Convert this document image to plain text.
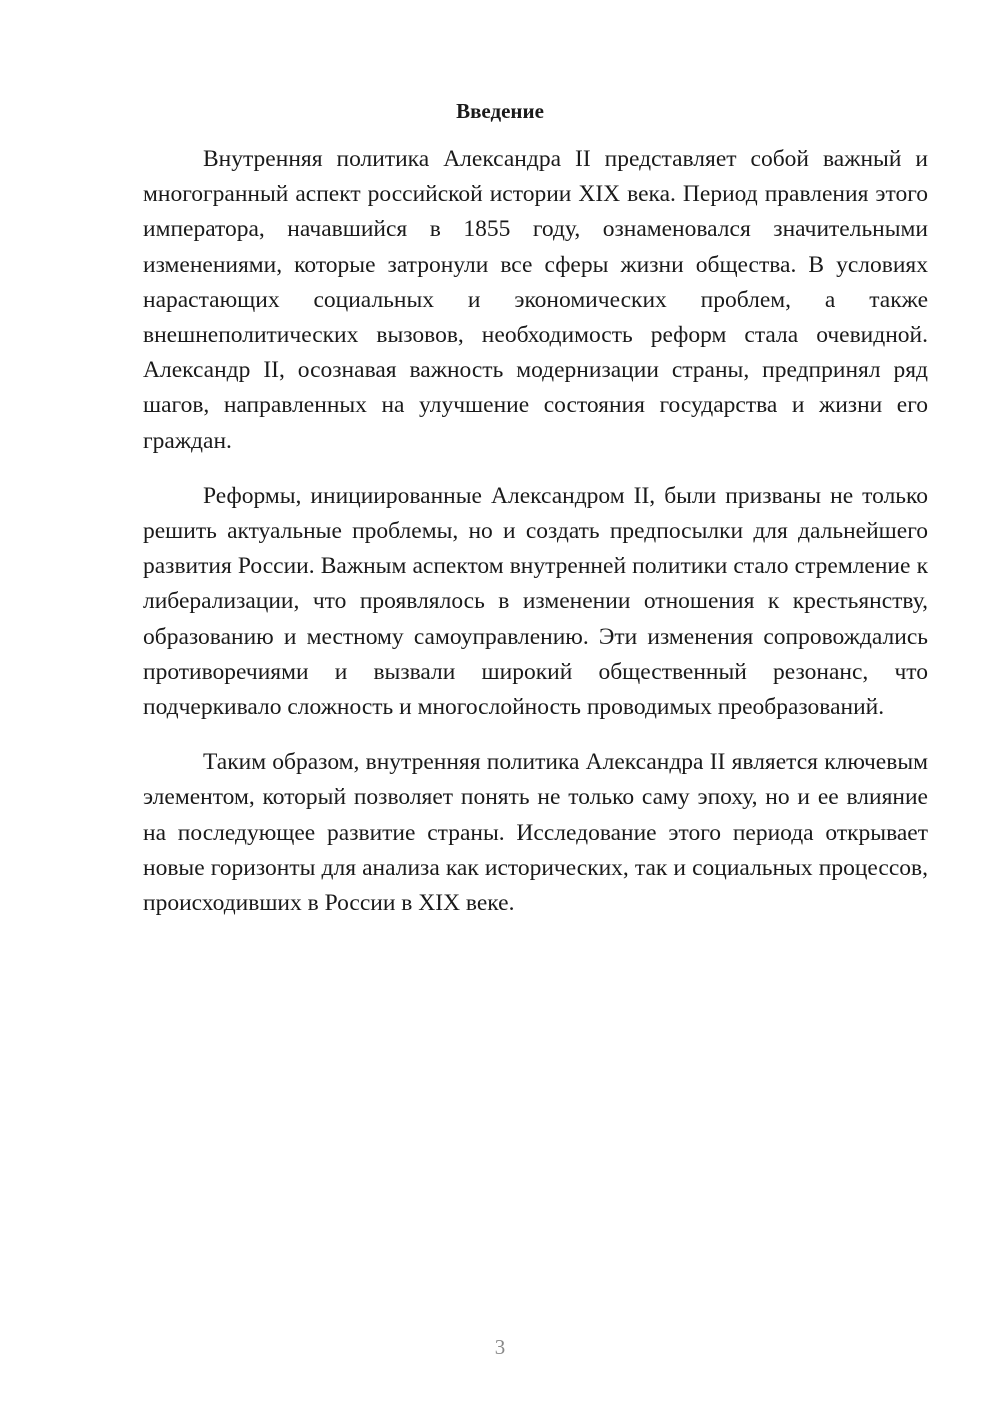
Введение

Внутренняя политика Александра II представляет собой важный и многогранный аспект российской истории XIX века. Период правления этого императора, начавшийся в 1855 году, ознаменовался значительными изменениями, которые затронули все сферы жизни общества. В условиях нарастающих социальных и экономических проблем, а также внешнеполитических вызовов, необходимость реформ стала очевидной. Александр II, осознавая важность модернизации страны, предпринял ряд шагов, направленных на улучшение состояния государства и жизни его граждан.

Реформы, инициированные Александром II, были призваны не только решить актуальные проблемы, но и создать предпосылки для дальнейшего развития России. Важным аспектом внутренней политики стало стремление к либерализации, что проявлялось в изменении отношения к крестьянству, образованию и местному самоуправлению. Эти изменения сопровождались противоречиями и вызвали широкий общественный резонанс, что подчеркивало сложность и многослойность проводимых преобразований.

Таким образом, внутренняя политика Александра II является ключевым элементом, который позволяет понять не только саму эпоху, но и ее влияние на последующее развитие страны. Исследование этого периода открывает новые горизонты для анализа как исторических, так и социальных процессов, происходивших в России в XIX веке.

3
